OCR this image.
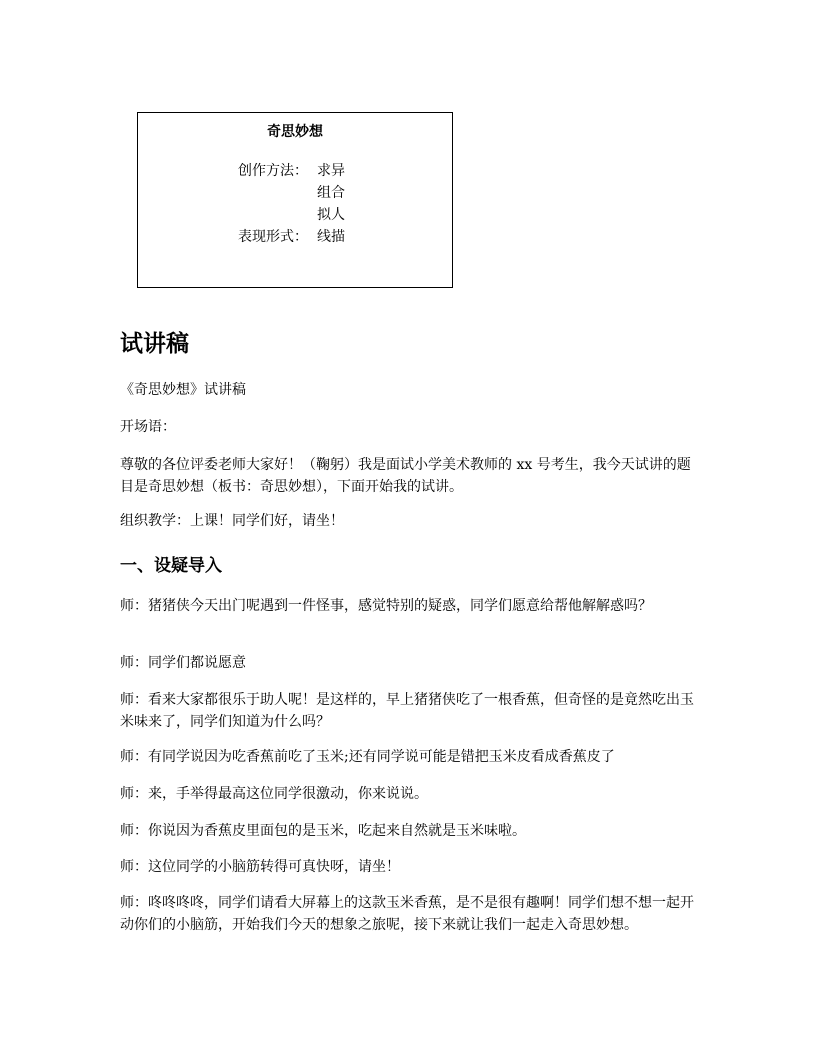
奇思妙想
创作方法： 求异
组合
拟人
表现形式： 线描
试讲稿

《奇思妙想》试讲稿

开场语：

尊敬的各位评委老师大家好！（鞠躬）我是面试小学美术教师的 xx 号考生，我今天试讲的题目是奇思妙想（板书：奇思妙想），下面开始我的试讲。

组织教学：上课！同学们好，请坐！

一、设疑导入

师：猪猪侠今天出门呢遇到一件怪事，感觉特别的疑惑，同学们愿意给帮他解解惑吗？

师：同学们都说愿意

师：看来大家都很乐于助人呢！是这样的，早上猪猪侠吃了一根香蕉，但奇怪的是竟然吃出玉米味来了，同学们知道为什么吗？

师：有同学说因为吃香蕉前吃了玉米;还有同学说可能是错把玉米皮看成香蕉皮了

师：来，手举得最高这位同学很激动，你来说说。

师：你说因为香蕉皮里面包的是玉米，吃起来自然就是玉米味啦。

师：这位同学的小脑筋转得可真快呀，请坐！

师：咚咚咚咚，同学们请看大屏幕上的这款玉米香蕉，是不是很有趣啊！同学们想不想一起开动你们的小脑筋，开始我们今天的想象之旅呢，接下来就让我们一起走入奇思妙想。
